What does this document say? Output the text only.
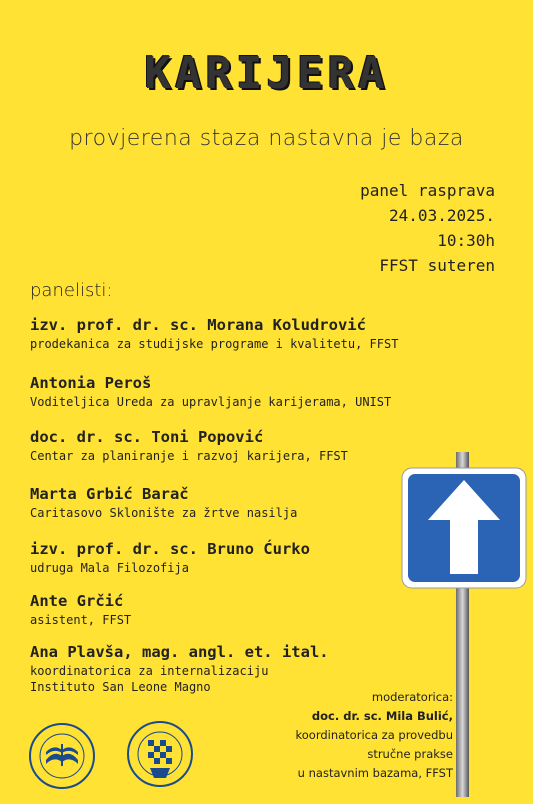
KARIJERA
provjerena staza nastavna je baza
panel rasprava
24.03.2025.
10:30h
FFST suteren
panelisti:
izv. prof. dr. sc. Morana Koludrović
prodekanica za studijske programe i kvalitetu, FFST
Antonia Peroš
Voditeljica Ureda za upravljanje karijerama, UNIST
doc. dr. sc. Toni Popović
Centar za planiranje i razvoj karijera, FFST
Marta Grbić Barač
Caritasovo Sklonište za žrtve nasilja
izv. prof. dr. sc. Bruno Ćurko
udruga Mala Filozofija
Ante Grčić
asistent, FFST
Ana Plavša, mag. angl. et. ital.
koordinatorica za internalizaciju
Instituto San Leone Magno
moderatorica:
doc. dr. sc. Mila Bulić,
koordinatorica za provedbu
stručne prakse
u nastavnim bazama, FFST
